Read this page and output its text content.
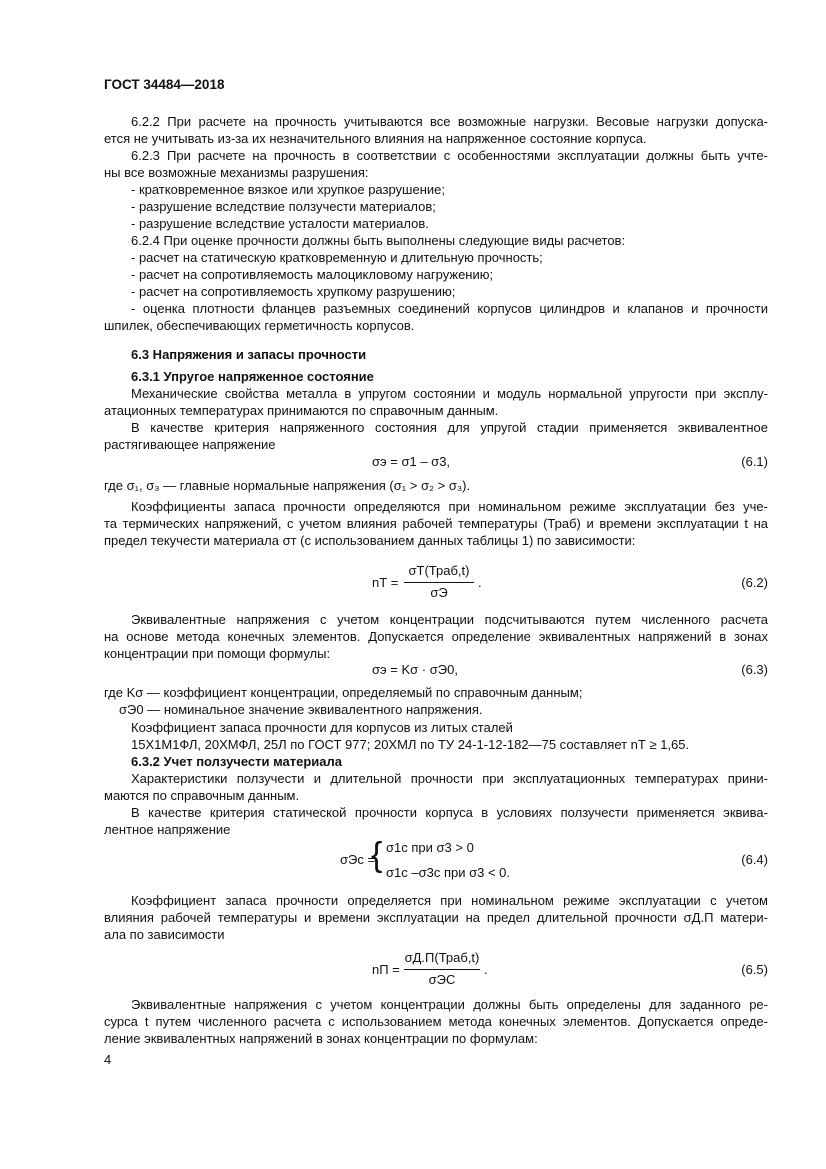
ГОСТ 34484—2018
6.2.2 При расчете на прочность учитываются все возможные нагрузки. Весовые нагрузки допуска-
ется не учитывать из-за их незначительного влияния на напряженное состояние корпуса.
6.2.3 При расчете на прочность в соответствии с особенностями эксплуатации должны быть учте-
ны все возможные механизмы разрушения:
- кратковременное вязкое или хрупкое разрушение;
- разрушение вследствие ползучести материалов;
- разрушение вследствие усталости материалов.
6.2.4 При оценке прочности должны быть выполнены следующие виды расчетов:
- расчет на статическую кратковременную и длительную прочность;
- расчет на сопротивляемость малоцикловому нагружению;
- расчет на сопротивляемость хрупкому разрушению;
- оценка плотности фланцев разъемных соединений корпусов цилиндров и клапанов и прочности
шпилек, обеспечивающих герметичность корпусов.
6.3 Напряжения и запасы прочности
6.3.1 Упругое напряженное состояние
Механические свойства металла в упругом состоянии и модуль нормальной упругости при эксплу-
атационных температурах принимаются по справочным данным.
В качестве критерия напряженного состояния для упругой стадии применяется эквивалентное
растягивающее напряжение
σэ = σ1 – σ3,	(6.1)
где σ₁, σ₃ — главные нормальные напряжения (σ₁ > σ₂ > σ₃).
Коэффициенты запаса прочности определяются при номинальном режиме эксплуатации без уче-
та термических напряжений, с учетом влияния рабочей температуры (Траб) и времени эксплуатации t на
предел текучести материала σт (с использованием данных таблицы 1) по зависимости:
nТ =
σТ(Траб,t)
σЭ
.	(6.2)
Эквивалентные напряжения с учетом концентрации подсчитываются путем численного расчета
на основе метода конечных элементов. Допускается определение эквивалентных напряжений в зонах
концентрации при помощи формулы:
σэ = Kσ · σЭ0,	(6.3)
где Kσ — коэффициент концентрации, определяемый по справочным данным;
σЭ0 — номинальное значение эквивалентного напряжения.
Коэффициент запаса прочности для корпусов из литых сталей
15Х1М1ФЛ, 20ХМФЛ, 25Л по ГОСТ 977; 20ХМЛ по ТУ 24-1-12-182—75 составляет nТ ≥ 1,65.
6.3.2 Учет ползучести материала
Характеристики ползучести и длительной прочности при эксплуатационных температурах прини-
маются по справочным данным.
В качестве критерия статической прочности корпуса в условиях ползучести применяется эквива-
лентное напряжение
σЭc =
{ σ1c при σ3 > 0
σ1c –σ3c при σ3 < 0.
(6.4)
Коэффициент запаса прочности определяется при номинальном режиме эксплуатации с учетом
влияния рабочей температуры и времени эксплуатации на предел длительной прочности σД.П матери-
ала по зависимости
nП =
σД.П(Траб,t)
σЭC
.	(6.5)
Эквивалентные напряжения с учетом концентрации должны быть определены для заданного ре-
сурса t путем численного расчета с использованием метода конечных элементов. Допускается опреде-
ление эквивалентных напряжений в зонах концентрации по формулам:
4
